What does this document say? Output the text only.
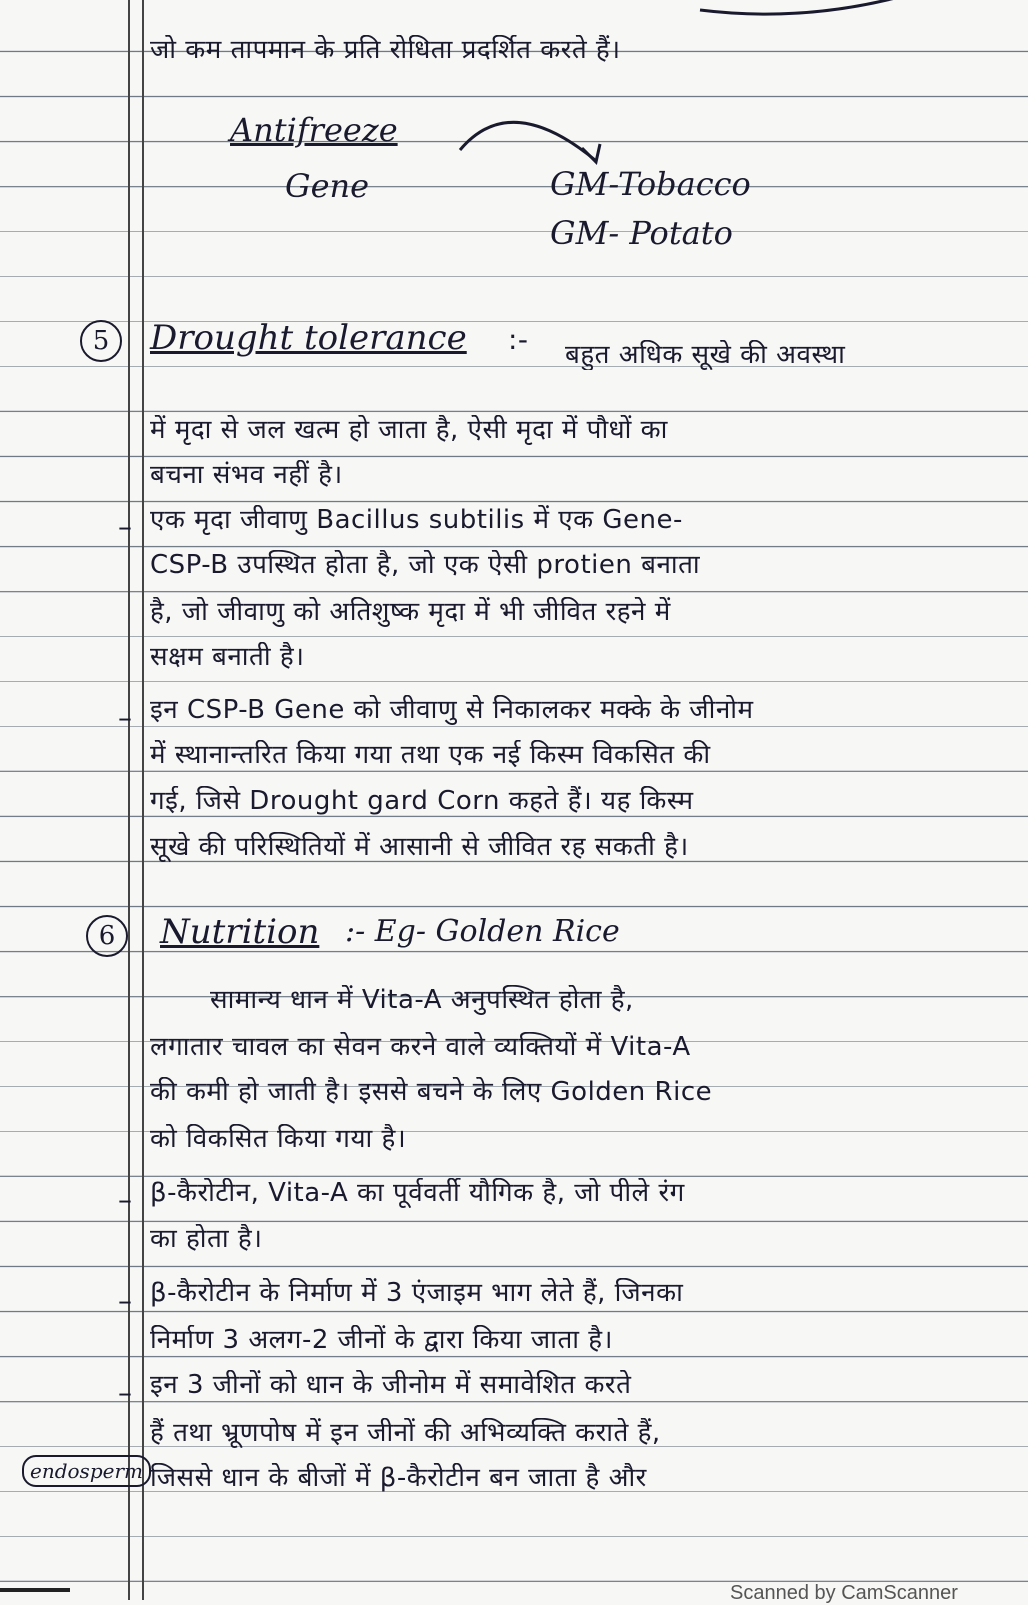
जो कम तापमान के प्रति रोधिता प्रदर्शित करते हैं।
Antifreeze
Gene	GM-Tobacco
GM- Potato
5	Drought tolerance :-	बहुत अधिक सूखे की अवस्था
में मृदा से जल खत्म हो जाता है, ऐसी मृदा में पौधों का
बचना संभव नहीं है।
– एक मृदा जीवाणु Bacillus subtilis में एक Gene-
CSP-B उपस्थित होता है, जो एक ऐसी protien बनाता
है, जो जीवाणु को अतिशुष्क मृदा में भी जीवित रहने में
सक्षम बनाती है।
– इन CSP-B Gene को जीवाणु से निकालकर मक्के के जीनोम
में स्थानान्तरित किया गया तथा एक नई किस्म विकसित की
गई, जिसे Drought gard Corn कहते हैं। यह किस्म
सूखे की परिस्थितियों में आसानी से जीवित रह सकती है।
6	Nutrition :- Eg- Golden Rice
सामान्य धान में Vita-A अनुपस्थित होता है,
लगातार चावल का सेवन करने वाले व्यक्तियों में Vita-A
की कमी हो जाती है। इससे बचने के लिए Golden Rice
को विकसित किया गया है।
– β-कैरोटीन, Vita-A का पूर्ववर्ती यौगिक है, जो पीले रंग
का होता है।
– β-कैरोटीन के निर्माण में 3 एंजाइम भाग लेते हैं, जिनका
निर्माण 3 अलग-2 जीनों के द्वारा किया जाता है।
– इन 3 जीनों को धान के जीनोम में समावेशित करते
हैं तथा भ्रूणपोष में इन जीनों की अभिव्यक्ति कराते हैं,
जिससे धान के बीजों में β-कैरोटीन बन जाता है और
endosperm
Scanned by CamScanner
